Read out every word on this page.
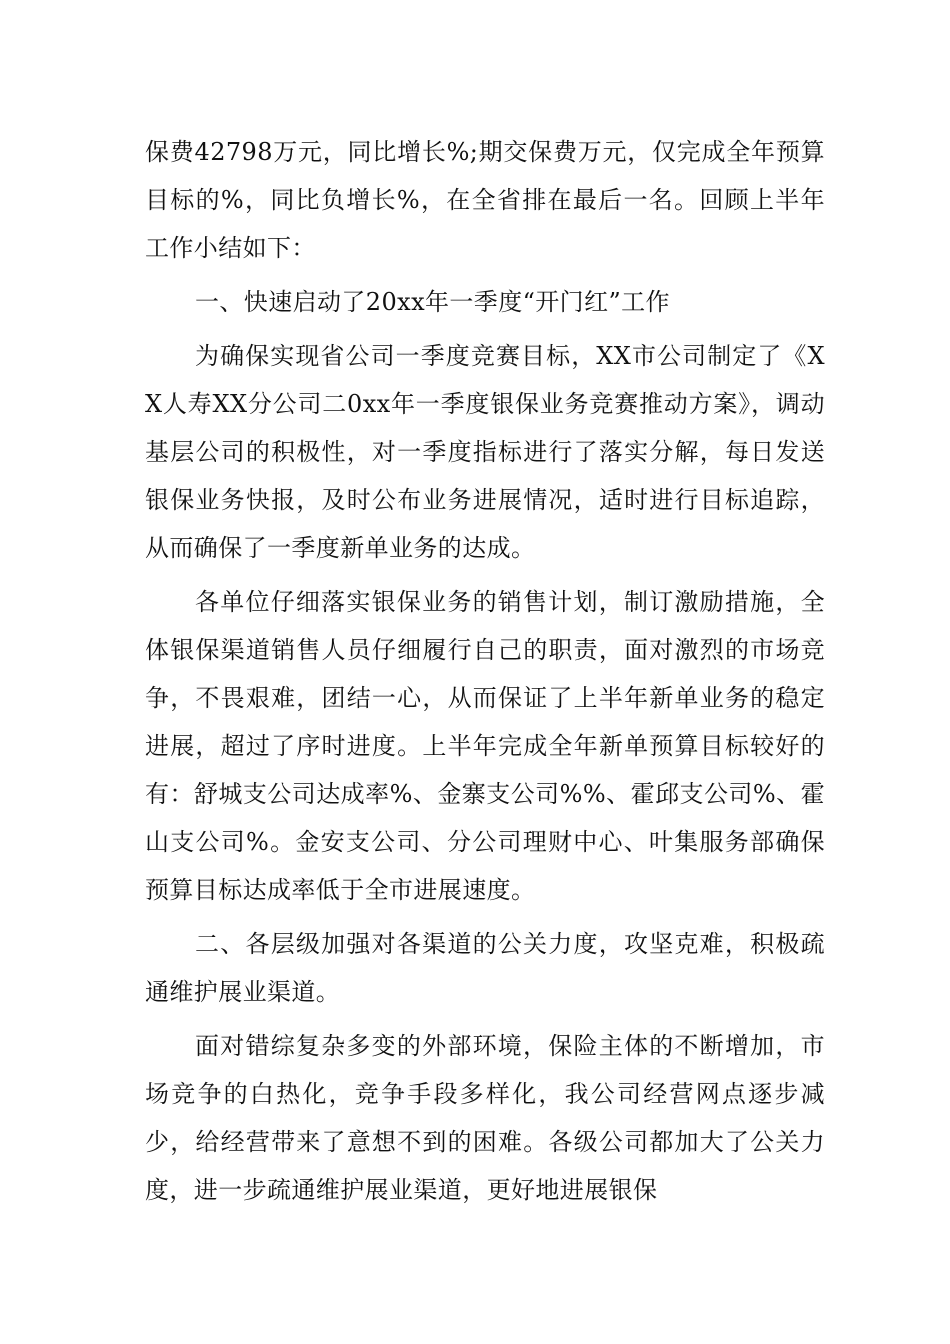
保费42798万元，同比增长%;期交保费万元，仅完成全年预算目标的%，同比负增长%，在全省排在最后一名。回顾上半年工作小结如下：

一、快速启动了20xx年一季度“开门红”工作

为确保实现省公司一季度竞赛目标，XX市公司制定了《XX人寿XX分公司二0xx年一季度银保业务竞赛推动方案》，调动基层公司的积极性，对一季度指标进行了落实分解，每日发送银保业务快报，及时公布业务进展情况，适时进行目标追踪，从而确保了一季度新单业务的达成。

各单位仔细落实银保业务的销售计划，制订激励措施，全体银保渠道销售人员仔细履行自己的职责，面对激烈的市场竞争，不畏艰难，团结一心，从而保证了上半年新单业务的稳定进展，超过了序时进度。上半年完成全年新单预算目标较好的有：舒城支公司达成率%、金寨支公司%%、霍邱支公司%、霍山支公司%。金安支公司、分公司理财中心、叶集服务部确保预算目标达成率低于全市进展速度。

二、各层级加强对各渠道的公关力度，攻坚克难，积极疏通维护展业渠道。

面对错综复杂多变的外部环境，保险主体的不断增加，市场竞争的白热化，竞争手段多样化，我公司经营网点逐步减少，给经营带来了意想不到的困难。各级公司都加大了公关力度，进一步疏通维护展业渠道，更好地进展银保
